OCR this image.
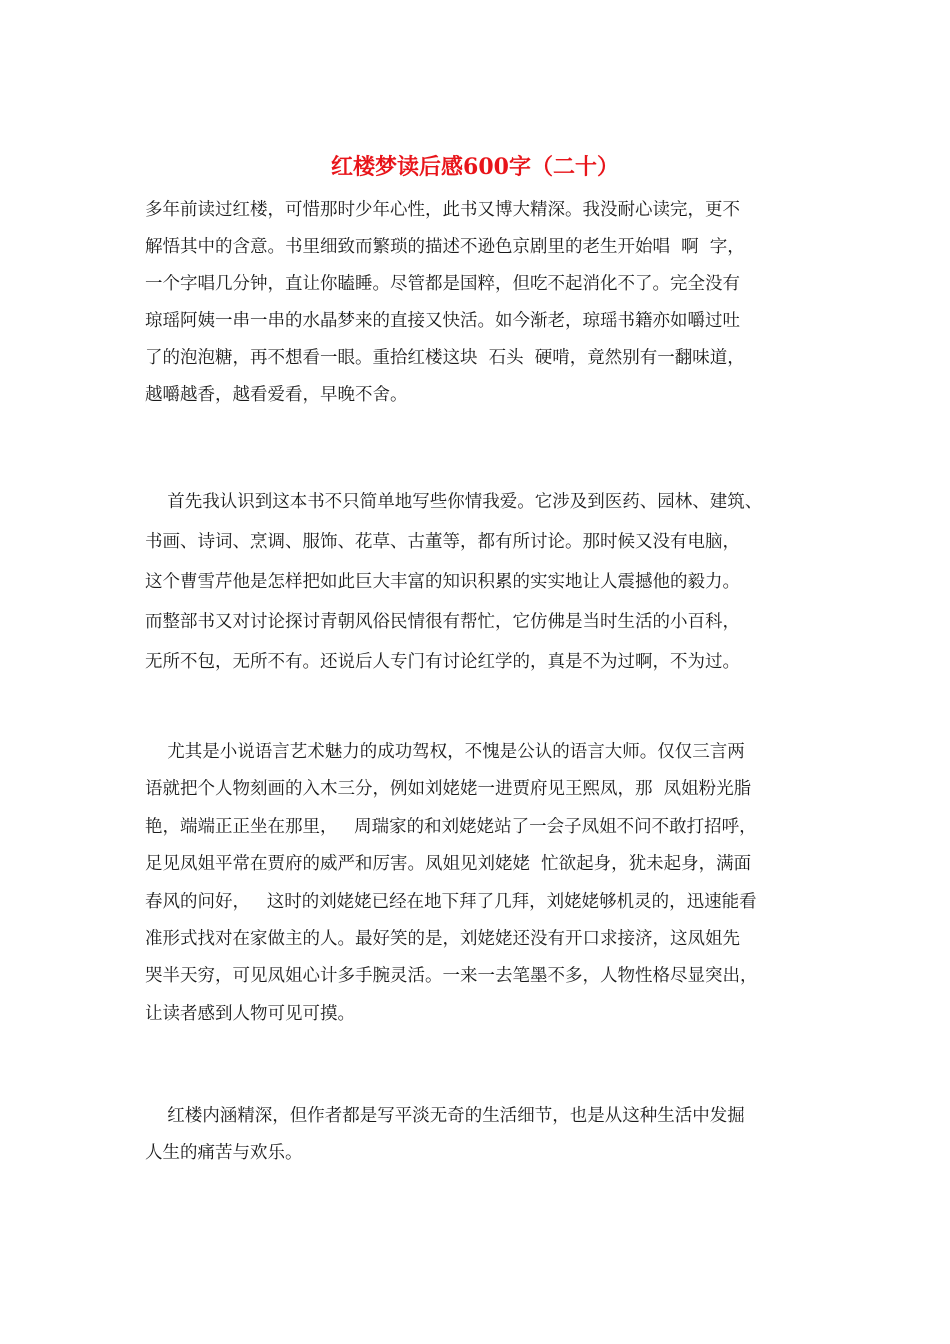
红楼梦读后感600字（二十）
多年前读过红楼，可惜那时少年心性，此书又博大精深。我没耐心读完，更不
解悟其中的含意。书里细致而繁琐的描述不逊色京剧里的老生开始唱  啊  字，
一个字唱几分钟，直让你瞌睡。尽管都是国粹，但吃不起消化不了。完全没有
琼瑶阿姨一串一串的水晶梦来的直接又快活。如今渐老，琼瑶书籍亦如嚼过吐
了的泡泡糖，再不想看一眼。重拾红楼这块  石头  硬啃，竟然别有一翻味道，
越嚼越香，越看爱看，早晚不舍。
首先我认识到这本书不只简单地写些你情我爱。它涉及到医药、园林、建筑、
书画、诗词、烹调、服饰、花草、古董等，都有所讨论。那时候又没有电脑，
这个曹雪芹他是怎样把如此巨大丰富的知识积累的实实地让人震撼他的毅力。
而整部书又对讨论探讨青朝风俗民情很有帮忙，它仿佛是当时生活的小百科，
无所不包，无所不有。还说后人专门有讨论红学的，真是不为过啊，不为过。
尤其是小说语言艺术魅力的成功驾权，不愧是公认的语言大师。仅仅三言两
语就把个人物刻画的入木三分，例如刘姥姥一进贾府见王熙凤，那  凤姐粉光脂
艳，端端正正坐在那里，   周瑞家的和刘姥姥站了一会子凤姐不问不敢打招呼，
足见凤姐平常在贾府的威严和厉害。凤姐见刘姥姥  忙欲起身，犹未起身，满面
春风的问好，   这时的刘姥姥已经在地下拜了几拜，刘姥姥够机灵的，迅速能看
准形式找对在家做主的人。最好笑的是，刘姥姥还没有开口求接济，这凤姐先
哭半天穷，可见凤姐心计多手腕灵活。一来一去笔墨不多，人物性格尽显突出，
让读者感到人物可见可摸。
红楼内涵精深，但作者都是写平淡无奇的生活细节，也是从这种生活中发掘
人生的痛苦与欢乐。
